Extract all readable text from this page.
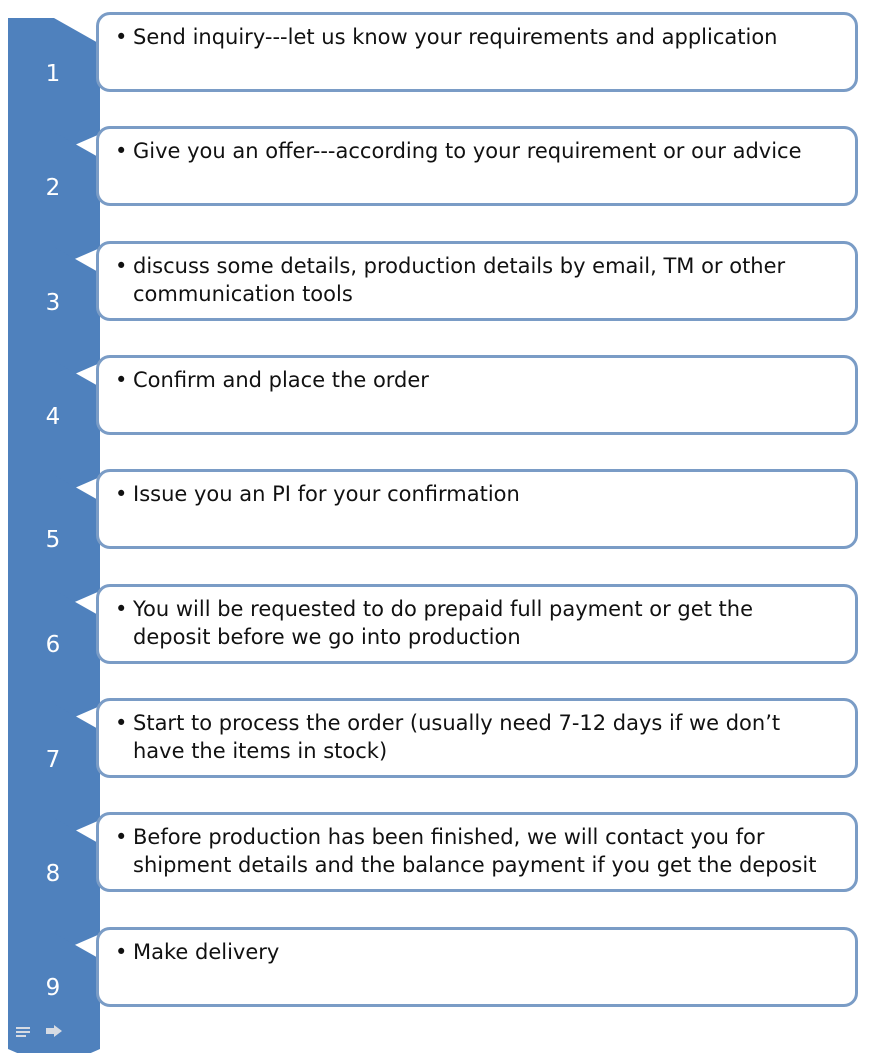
1

• Send inquiry---let us know your requirements and application

2

• Give you an offer---according to your requirement or our advice

3

• discuss some details, production details by email, TM or other communication tools

4

• Confirm and place the order

5

• Issue you an PI for your confirmation

6

• You will be requested to do prepaid full payment or get the deposit before we go into production

7

• Start to process the order (usually need 7-12 days if we don’t have the items in stock)

8

• Before production has been finished, we will contact you for shipment details and the balance payment if you get the deposit

9

• Make delivery
